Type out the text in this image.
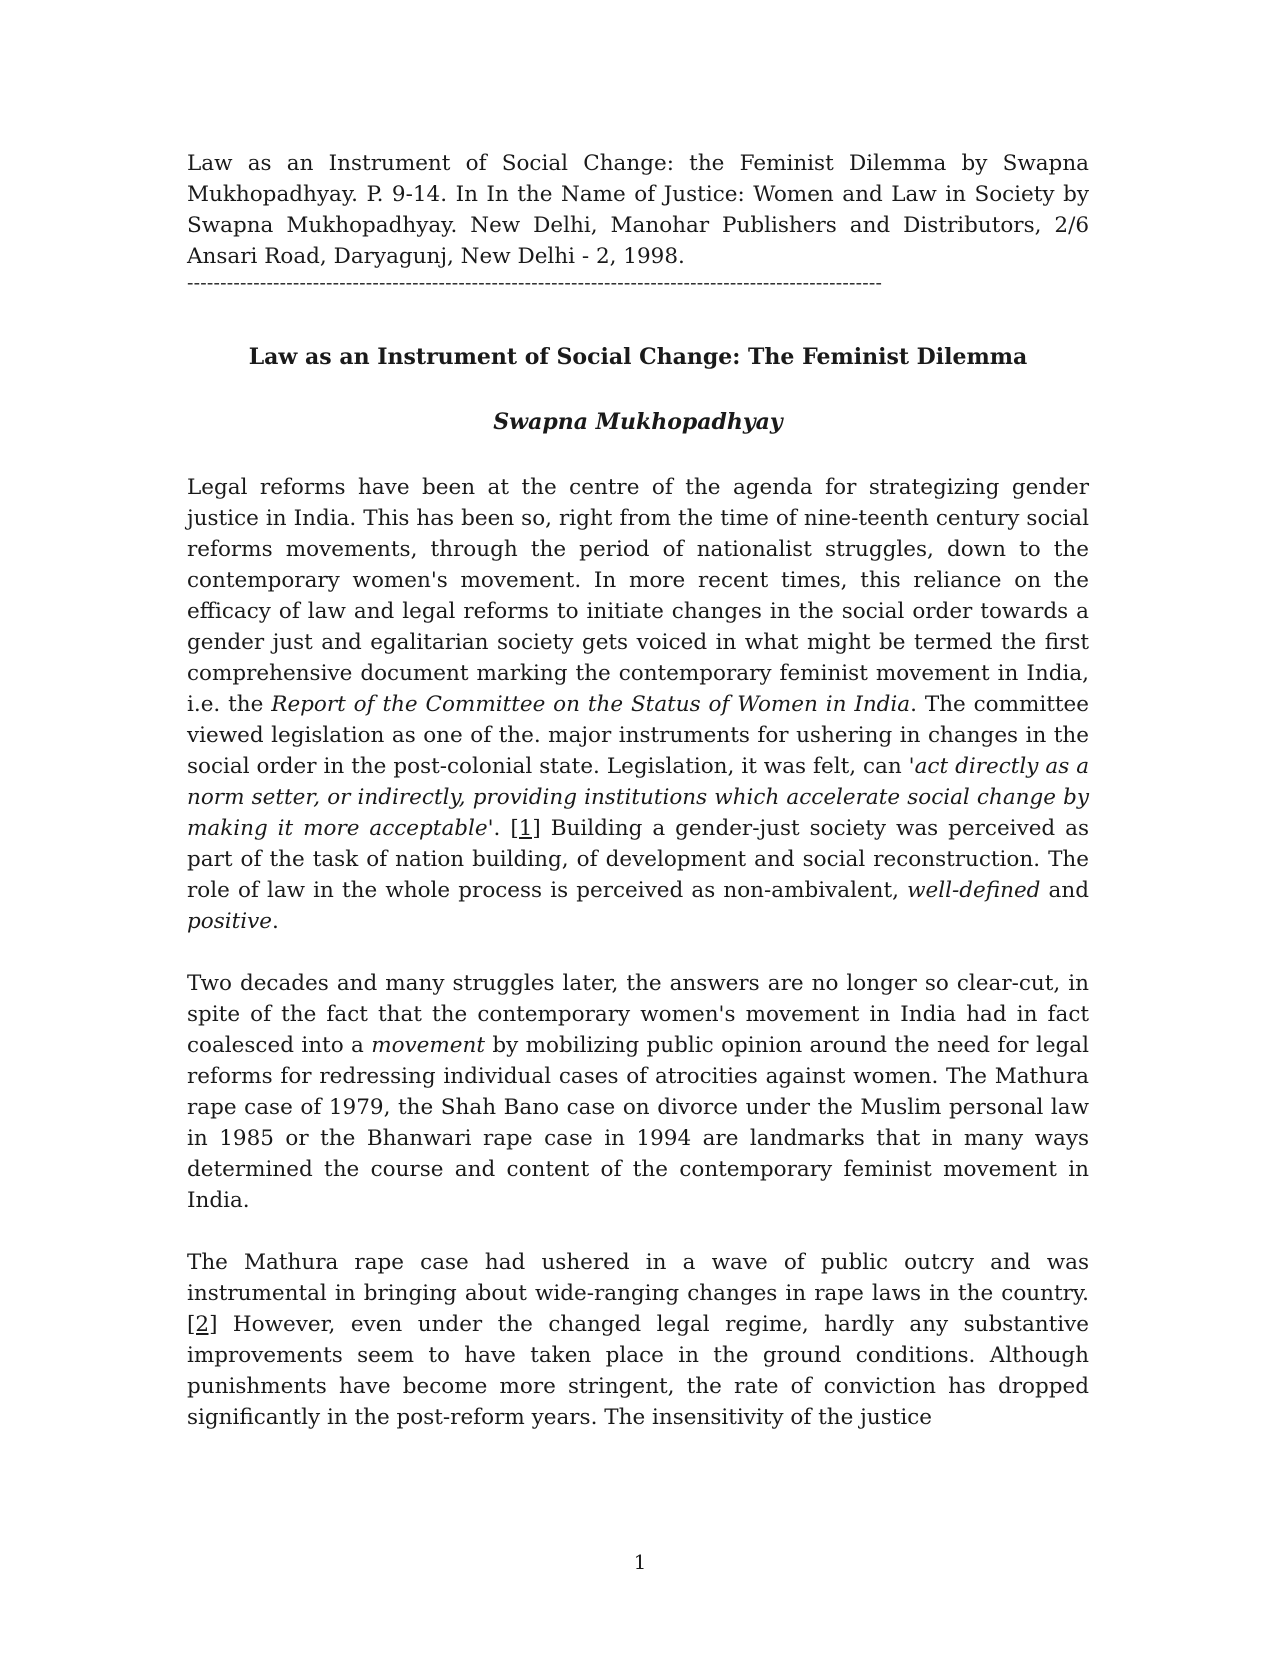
Law as an Instrument of Social Change: the Feminist Dilemma by Swapna Mukhopadhyay. P. 9-14. In In the Name of Justice: Women and Law in Society by Swapna Mukhopadhyay. New Delhi, Manohar Publishers and Distributors, 2/6 Ansari Road, Daryagunj, New Delhi - 2, 1998.

---------------------------------------------------------------------------------------------------------

Law as an Instrument of Social Change: The Feminist Dilemma

Swapna Mukhopadhyay

Legal reforms have been at the centre of the agenda for strategizing gender justice in India. This has been so, right from the time of nine-teenth century social reforms movements, through the period of nationalist struggles, down to the contemporary women's movement. In more recent times, this reliance on the efficacy of law and legal reforms to initiate changes in the social order towards a gender just and egalitarian society gets voiced in what might be termed the first comprehensive document marking the contemporary feminist movement in India, i.e. the Report of the Committee on the Status of Women in India. The committee viewed legislation as one of the. major instruments for ushering in changes in the social order in the post-colonial state. Legislation, it was felt, can 'act directly as a norm setter, or indirectly, providing institutions which accelerate social change by making it more acceptable'. [1] Building a gender-just society was perceived as part of the task of nation building, of development and social reconstruction. The role of law in the whole process is perceived as non-ambivalent, well-defined and positive.

Two decades and many struggles later, the answers are no longer so clear-cut, in spite of the fact that the contemporary women's movement in India had in fact coalesced into a movement by mobilizing public opinion around the need for legal reforms for redressing individual cases of atrocities against women. The Mathura rape case of 1979, the Shah Bano case on divorce under the Muslim personal law in 1985 or the Bhanwari rape case in 1994 are landmarks that in many ways determined the course and content of the contemporary feminist movement in India.

The Mathura rape case had ushered in a wave of public outcry and was instrumental in bringing about wide-ranging changes in rape laws in the country. [2] However, even under the changed legal regime, hardly any substantive improvements seem to have taken place in the ground conditions. Although punishments have become more stringent, the rate of conviction has dropped significantly in the post-reform years. The insensitivity of the justice

1
